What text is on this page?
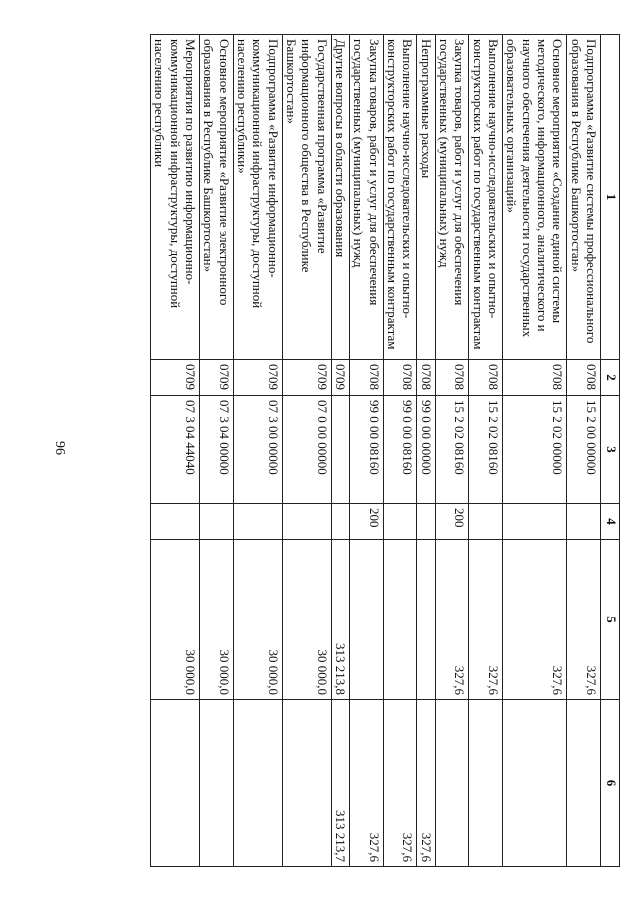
96
1	2	3	4	5	6
Подпрограмма «Развитие системы профессионального образования в Республике Башкортостан»	0708	15 2 00 00000		327,6	
Основное мероприятие «Создание единой системы методического, информационного, аналитического и научного обеспечения деятельности государственных образовательных организаций»	0708	15 2 02 00000		327,6	
Выполнение научно-исследовательских и опытно-конструкторских работ по государственным контрактам	0708	15 2 02 08160		327,6	
Закупка товаров, работ и услуг для обеспечения государственных (муниципальных) нужд	0708	15 2 02 08160	200	327,6	
Непрограммные расходы	0708	99 0 00 00000			327,6
Выполнение научно-исследовательских и опытно-конструкторских работ по государственным контрактам	0708	99 0 00 08160			327,6
Закупка товаров, работ и услуг для обеспечения государственных (муниципальных) нужд	0708	99 0 00 08160	200		327,6
Другие вопросы в области образования	0709			313 213,8	313 213,7
Государственная программа «Развитие информационного общества в Республике Башкортостан»	0709	07 0 00 00000		30 000,0	
Подпрограмма «Развитие информационно-коммуникационной инфраструктуры, доступной населению республики»	0709	07 3 00 00000		30 000,0	
Основное мероприятие «Развитие электронного образования в Республике Башкортостан»	0709	07 3 04 00000		30 000,0	
Мероприятия по развитию информационно-коммуникационной инфраструктуры, доступной населению республики	0709	07 3 04 44040		30 000,0	
